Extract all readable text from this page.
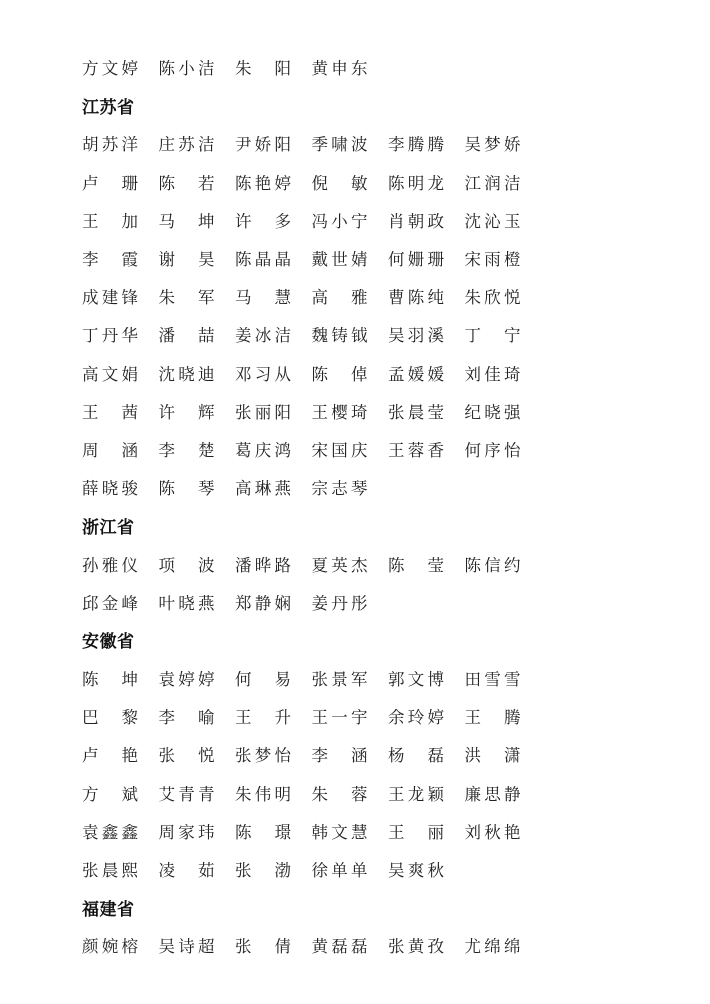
方 文 婷 陈 小 洁 朱 阳 黄 申 东
江苏省
胡 苏 洋 庄 苏 洁 尹 娇 阳 季 啸 波 李 腾 腾 吴 梦 娇
卢 珊 陈 若 陈 艳 婷 倪 敏 陈 明 龙 江 润 洁
王 加 马 坤 许 多 冯 小 宁 肖 朝 政 沈 沁 玉
李 霞 谢 昊 陈 晶 晶 戴 世 婧 何 姗 珊 宋 雨 橙
成 建 锋 朱 军 马 慧 高 雅 曹 陈 纯 朱 欣 悦
丁 丹 华 潘 喆 姜 冰 洁 魏 铸 钺 吴 羽 溪 丁 宁
高 文 娟 沈 晓 迪 邓 习 从 陈 倬 孟 媛 媛 刘 佳 琦
王 茜 许 辉 张 丽 阳 王 樱 琦 张 晨 莹 纪 晓 强
周 涵 李 楚 葛 庆 鸿 宋 国 庆 王 蓉 香 何 序 怡
薛 晓 骏 陈 琴 高 琳 燕 宗 志 琴
浙江省
孙 雅 仪 项 波 潘 晔 路 夏 英 杰 陈 莹 陈 信 约
邱 金 峰 叶 晓 燕 郑 静 娴 姜 丹 彤
安徽省
陈 坤 袁 婷 婷 何 易 张 景 军 郭 文 博 田 雪 雪
巴 黎 李 喻 王 升 王 一 宇 余 玲 婷 王 腾
卢 艳 张 悦 张 梦 怡 李 涵 杨 磊 洪 潇
方 斌 艾 青 青 朱 伟 明 朱 蓉 王 龙 颖 廉 思 静
袁 鑫 鑫 周 家 玮 陈 璟 韩 文 慧 王 丽 刘 秋 艳
张 晨 熙 凌 茹 张 渤 徐 单 单 吴 爽 秋
福建省
颜 婉 榕 吴 诗 超 张 倩 黄 磊 磊 张 黄 孜 尤 绵 绵
